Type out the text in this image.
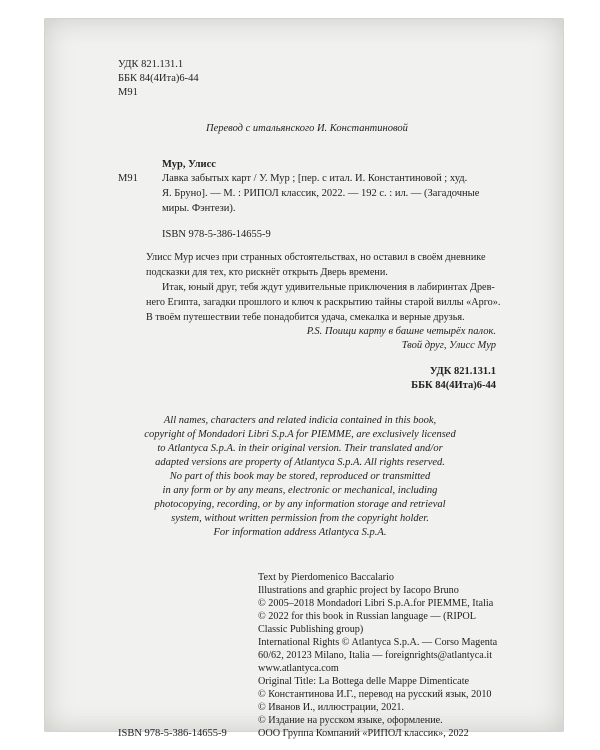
УДК 821.131.1
ББК 84(4Ита)6-44
М91
Перевод с итальянского И. Константиновой
Мур, Улисс
М91 Лавка забытых карт / У. Мур ; [пер. с итал. И. Константиновой ; худ.
Я. Бруно]. — М. : РИПОЛ классик, 2022. — 192 с. : ил. — (Загадочные
миры. Фэнтези).
ISBN 978-5-386-14655-9
Улисс Мур исчез при странных обстоятельствах, но оставил в своём дневнике
подсказки для тех, кто рискнёт открыть Дверь времени.
Итак, юный друг, тебя ждут удивительные приключения в лабиринтах Древ-
него Египта, загадки прошлого и ключ к раскрытию тайны старой виллы «Арго».
В твоём путешествии тебе понадобится удача, смекалка и верные друзья.
P.S. Поищи карту в башне четырёх палок.
Твой друг, Улисс Мур
УДК 821.131.1
ББК 84(4Ита)6-44
All names, characters and related indicia contained in this book,
copyright of Mondadori Libri S.p.A for PIEMME, are exclusively licensed
to Atlantyca S.p.A. in their original version. Their translated and/or
adapted versions are property of Atlantyca S.p.A. All rights reserved.
No part of this book may be stored, reproduced or transmitted
in any form or by any means, electronic or mechanical, including
photocopying, recording, or by any information storage and retrieval
system, without written permission from the copyright holder.
For information address Atlantyca S.p.A.
Text by Pierdomenico Baccalario
Illustrations and graphic project by Iacopo Bruno
© 2005–2018 Mondadori Libri S.p.A.for PIEMME, Italia
© 2022 for this book in Russian language — (RIPOL
Classic Publishing group)
International Rights © Atlantyca S.p.A. — Corso Magenta
60/62, 20123 Milano, Italia — foreignrights@atlantyca.it
www.atlantyca.com
Original Title: La Bottega delle Mappe Dimenticate
© Константинова И.Г., перевод на русский язык, 2010
© Иванов И., иллюстрации, 2021.
© Издание на русском языке, оформление.
ООО Группа Компаний «РИПОЛ классик», 2022
ISBN 978-5-386-14655-9
